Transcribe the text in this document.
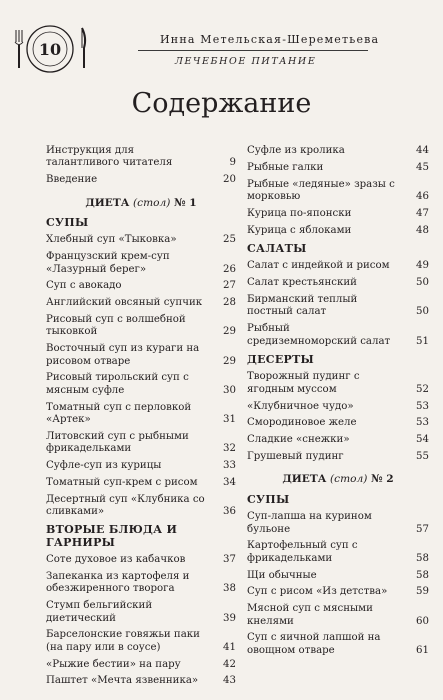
10
Инна Метельская-Шереметьева
ЛЕЧЕБНОЕ ПИТАНИЕ
Содержание
Инструкция для талантливого читателя	9
Введение	20
ДИЕТА (стол) № 1
СУПЫ
Хлебный суп «Тыковка»	25
Французский крем-суп «Лазурный берег»	26
Суп с авокадо	27
Английский овсяный супчик	28
Рисовый суп с волшебной тыковкой	29
Восточный суп из кураги на рисовом отваре	29
Рисовый тирольский суп с мясным суфле	30
Томатный суп с перловкой «Артек»	31
Литовский суп с рыбными фрикадельками	32
Суфле-суп из курицы	33
Томатный суп-крем с рисом	34
Десертный суп «Клубника со сливками»	36
ВТОРЫЕ БЛЮДА И ГАРНИРЫ
Соте духовое из кабачков	37
Запеканка из картофеля и обезжиренного творога	38
Стумп бельгийский диетический	39
Барселонские говяжьи паки (на пару или в соусе)	41
«Рыжие бестии» на пару	42
Паштет «Мечта язвенника»	43
Суфле из кролика	44
Рыбные галки	45
Рыбные «ледяные» зразы с морковью	46
Курица по-японски	47
Курица с яблоками	48
САЛАТЫ
Салат с индейкой и рисом	49
Салат крестьянский	50
Бирманский теплый постный салат	50
Рыбный средиземноморский салат	51
ДЕСЕРТЫ
Творожный пудинг с ягодным муссом	52
«Клубничное чудо»	53
Смородиновое желе	53
Сладкие «снежки»	54
Грушевый пудинг	55
ДИЕТА (стол) № 2
СУПЫ
Суп-лапша на курином бульоне	57
Картофельный суп с фрикадельками	58
Щи обычные	58
Суп с рисом «Из детства»	59
Мясной суп с мясными кнелями	60
Суп с яичной лапшой на овощном отваре	61
